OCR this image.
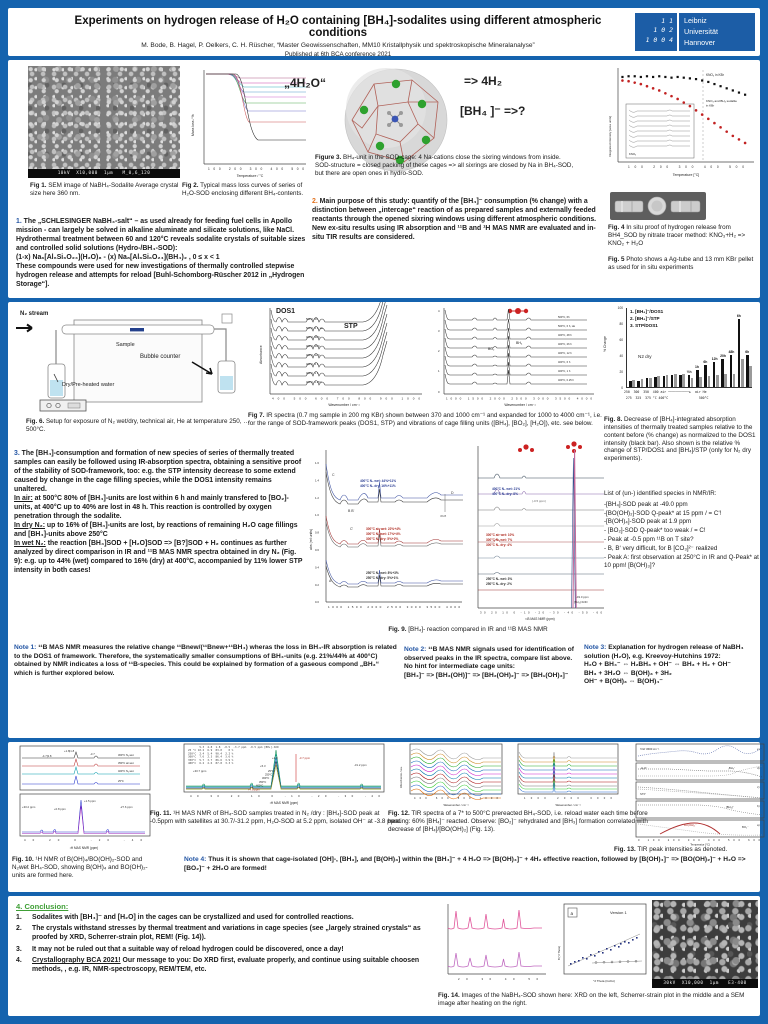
Experiments on hydrogen release of H₂O containing [BH₄]-sodalites using different atmospheric conditions
M. Bode, B. Hagel, P. Oelkers, C. H. Rüscher, “Master Geowissenschaften, MM10 Kristallphysik und spektroskopische Mineralanalyse”
Published at 6th BCA conference 2021
1 1
1 0 2
1 0 0 4
Leibniz
Universität
Hannover
10kV  X10,000  1μm   M_0,6_120
Fig 1. SEM image of NaBH₄-Sodalite Average crystal size here 360 nm.
100 200 300 400 500
Temperature / °C
Mass loss / %
Fig 2. Typical mass loss curves of series of H₂O-SOD enclosing different BH₄-contents.
1. The „SCHLESINGER NaBH₄-salt“ – as used already for feeding fuel cells in Apollo mission - can largely be solved in alkaline aluminate and silicate solutions, like NaCl. Hydrothermal treatment between 60 and 120°C reveals sodalite crystals of suitable sizes and controlled solid solutions (Hydro-/BH₄-SOD):
(1-x) Na₆[Al₆Si₆O₂₄](H₂O)₈ - (x) Na₈[Al₆Si₆O₂₄](BH₄)₂ , 0 ≤ x < 1
These compounds were used for new investigations of thermally controlled stepwise hydrogen release and attempts for reload [Buhl-Schomborg-Rüscher 2012 in „Hydrogen Storage“].
„4H₂O“	=> 4H₂
[BH₄ ]⁻ =>?
Figure 3. BH₄-unit in the SOD-cage: 4 Na-cations close the sixring windows from inside. SOD-structure = closed packing of these cages => all sixrings are closed by Na in BH₄-SOD, but there are open ones in hydro-SOD.
2. Main purpose of this study: quantify of the [BH₄]⁻ consumption (% change) with a distinction between „intercage“ reaction of as prepared samples and externally feeded reactants through the opened sixring windows using different atmospheric conditions.
New ex-situ results using IR absorption and ¹¹B and ¹H MAS NMR are evaluated and in-situ TIR results are considered.
KNO₃
KNO₃ in KBr
KNO₃ and BH₄ sodalite
in KBr
100 200 300 400 500
Temperature [°C]
Integrated intensity [area units]
Fig. 4 In situ proof of hydrogen release from BH4_SOD by nitrate tracer method: KNO₃+H₂ => KNO₂ + H₂O
Fig. 5 Photo shows a Ag-tube and 13 mm KBr pellet as used for in situ experiments
N₂ stream
Sample
Bubble counter
Dry/Pre-heated water
Fig. 6. Setup for exposure of N₂ wet/dry, technical air, He at temperature 250, … 500°C.
DOS1
STP
500°C, 6h
500°C, 6 h, He
400°C, 48 h
400°C, 26 h
400°C, 12 h
400°C, 6 h
400°C, 1 h
400°C, 0.25 h
400 500 600 700 800 900 1000
Wavenumber / cm⁻¹
Absorbance	BO₂
BH₄
500°C, 6h
500°C, 6 h, He
400°C, 48 h
400°C, 26 h
400°C, 12 h
400°C, 6 h
400°C, 1 h
400°C, 0.25 h
4
3
2
1
0
1000 1500 2000 2500 3000 3500 4000
Wavenumber / cm⁻¹
Fig 7. IR spectra (0.7 mg sample in 200 mg KBr) shown between 370 and 1000 cm⁻¹ and expanded for 1000 to 4000 cm⁻¹, i.e. for the range of SOD-framework peaks (DOS1, STP) and vibrations of cage filling units ([BH₄], [BO₂], [H₂O]), etc. see below.
100
80
60
40
20
0
% Change
½h
1h
6h
12h
20h
48h
6h
6h
1. [BH₄]⁻/DOS1
2. [BH₄]⁻/STP
3. STP/DOS1
N2 dry
250  300  350  400 air ───────────►  air He
275  325  375 °C 400°C                500°C
Fig. 8. Decrease of [BH₄]-integrated absorption intensities of thermally treated samples relative to the content before (% change) as normalized to the DOS1 intensity (black bar). Also shown is the relative % change of STP/DOS1 and [BH₄]/STP (only for N₂ dry experiments).
3. The [BH₄]-consumption and formation of new species of series of thermally treated samples can easily be followed using IR-absorption spectra, obtaining a sensitive proof of the stability of SOD-framework, too: e.g. the STP intensity decrease to some extend caused by change in the cage filling species, while the DOS1 intensity remains unaltered.
In air: at 500°C 80% of [BH₄]-units are lost within 6 h and mainly transfered to [BO₂]-units, at 400°C up to 40% are lost in 48 h. This reaction is controlled by oxygen penetration through the sodalite.
In dry N₂: up to 16% of [BH₄]-units are lost, by reactions of remaining H₂O cage fillings and [BH₄]-units above 250°C
In wet N₂: the reaction [BH₄]SOD + [H₂O]SOD => [B?]SOD + H₂ continues as further analyzed by direct comparison in IR and ¹¹B MAS NMR spectra obtained in dry N₂ (Fig. 9): e.g. up to 44% (wet) compared to 16% (dry) at 400°C, accompanied by 11% lower STP intensity in both cases!
1.6
1.4
1.2
1.0
0.8
0.6
0.4
0.2
0.0
C
B B'
C'
D
A
3628
400°C N₂ wet: 44%+11%
400°C N₂ dry: 16%+11%
300°C air wet: 22%+4%
300°C N₂ wet: 17%+4%
300°C N₂ dry: 5%+2%
250°C N₂ wet: 8%+3%
250°C N₂ dry: 5%+1%
1000 1500 2000 2500 3000 3500 4000
abs (rel units)
400°C N₂ wet: 21%
400°C N₂ dry: 8%
(-0.5 ppm)
300°C air wet: 10%
300°C N₂ wet: 7%
300°C N₂ dry: 4%
250°C N₂ wet: 3%
250°C N₂ dry: 2%
-49.0 ppm
[BH₄]-SOD
30 20 10 0 -10 -20 -30 -40 -50 -60
¹¹B MAS NMR (ppm)
Fig. 9. [BH₄]- reaction compared in IR and ¹¹B MAS NMR
List of (un-) identified species in NMR/IR:
-[BH₄]-SOD peak at -49.0 ppm
-[BO(OH)₂]-SOD Q-peak* at 15 ppm / = C‘!
-[B(OH)₄]-SOD peak at 1.9 ppm
- [BO₂]-SOD Q-peak* too weak / = C!
- Peak at -0.5 ppm ¹¹B on T site?
- B, B‘ very difficult, for B [CO₃]²⁻ realized
- Peak A: first observation at 250°C in IR and Q-Peak* at 10 ppm! [B(OH)₃]?
Note 1: ¹¹B MAS NMR measures the relative change ¹¹Bnew/(¹¹Bnew+¹¹BH₄) wheras the loss in BH₄-IR absorption is related to the DOS1 of framework. Therefore, the systematically smaller consumptions of BH₄-units (e.g. 21%/44% at 400°C) obtained by NMR indicates a loss of ¹¹B-species. This could be explained by formation of a gaseous compond „BH₃“ which is further explored below.
Note 2: ¹¹B MAS NMR signals used for identification of observed peaks in the IR spectra, compare list above. No hint for intermediate cage units:
[BH₄]⁻ => [BH₃(OH)]⁻ => [BH₂(OH)₂]⁻ => [BH₁(OH)₃]⁻
Note 3: Explanation for hydrogen release of NaBH₄ solution (H₂O), e.g. Kreevoy-Hutchins 1972:
H₂O + BH₄⁻ ⇔ H₂BH₃ + OH⁻ ⇔ BH₃ + H₂ + OH⁻
BH₃ + 3H₂O ⇔ B(OH)₃ + 3H₂
OH⁻ + B(OH)₃ ⇔ B(OH)₄⁻
+1.8|1.8
-4.7|3.8	-3.7	300°C N₂ wet
350°C air wet
400°C N₂ wet
25°C
+30.2 ppm
+1.5 ppm
+0.8 ppm	-27.6 ppm
40 20 0 -20 -40
¹H MAS NMR (ppm)
Fig. 10. ¹H NMR of B(OH)₄/BO(OH)₂-SOD and N₂wet BH₄-SOD, showing B(OH)₄ and BO(OH)₂-units are formed here.
5.3  4.8  1.8  -0.5  -3.7 ppm  -0.5 ppm [BH₄]-SOD
25 °C 10.2  6.9  83.0    0 %
250°C  2.4  5.4  90.4  2.2 %
300°C  7.6  2.3  86.4  3.6 %
350°C  5.7  3.7  86.6  3.9 %
400°C  6.2  2.6  87.8  3.3 %
+30.7 ppm
+5.3
+1.8	-3.7 ppm
-31.2 ppm
+4.8 ppm
25°C
250°C
300°C
350°C
400°C
40 30 20 10 0 -10 -20 -30 -40
¹H MAS NMR (ppm)
Fig. 11. ¹H MAS NMR of BH₄-SOD samples treated in N₂ /dry : [BH₄]-SOD peak at -0.5ppm with satellites at 30.7/-31.2 ppm, H₂O-SOD at 5.2 ppm, isolated OH⁻ at -3.8 ppm.
Absorbance / a.u.
400 600 800 1000	1000 2000 3000
Wavenumber / cm⁻¹	Wavenumber / cm⁻¹
Fig. 12. TIR spectra of a 7* to 500°C prereacted BH₄-SOD, i.e. reload water each time before heating: 60% [BH₄]⁻ reacted. Observe: [BO₂]⁻ rehydrated and [BH₃] formation correlated with decrease of [BH₄]/[BO(OH)₂] (Fig. 13).
'OH' 3600 cm⁻¹	e)
„H₂O“	„BH₃“	d)
STP
c)
[BH₄]⁻	b)
BO(OH)₂⁻	BO₂⁻	a)
0 100 200 300 400 500 600
Temperatur [°C]
Fig. 13. TIR peak intensities as denoted.
Note 4: Thus it is shown that cage-isolated [OH]-, [BH₃], and [B(OH)₃] within the [BH₄]⁻ + 4 H₂O => [B(OH)₄]⁻ + 4H₂ effective reaction, followed by [B(OH)₄]⁻ => [BO(OH)₂]⁻ + H₂O => [BO₂]⁻ + 2H₂O are formed!
4. Conclusion:
1.	Sodalites with [BH₄]⁻ and [H₂O] in the cages can be crystallized and used for controlled reactions.
2.	The crystals withstand stresses by thermal treatment and variations in cage species (see „largely strained crystals“ as proofed by XRD, Scherrer-strain plot, REM! (Fig. 14)).
3.	It may not be ruled out that a suitable way of reload hydrogen could be discovered, once a day!
4.	Crystallography BCA 2021! Our message to you: Do XRD first, evaluate properly, and continue using suitable choosen methods, , e.g. IR, NMR-spectroscopy, REM/TEM, etc.
20 30 40 50
a	Version 1
°2 Theta (CoKα)
B (°2 Theta)
30kV  X10,000  1μm   E3-400
Fig. 14. Images of the NaBH₄-SOD shown here: XRD on the left, Scherrer-strain plot in the middle and a SEM image after heating on the right.
